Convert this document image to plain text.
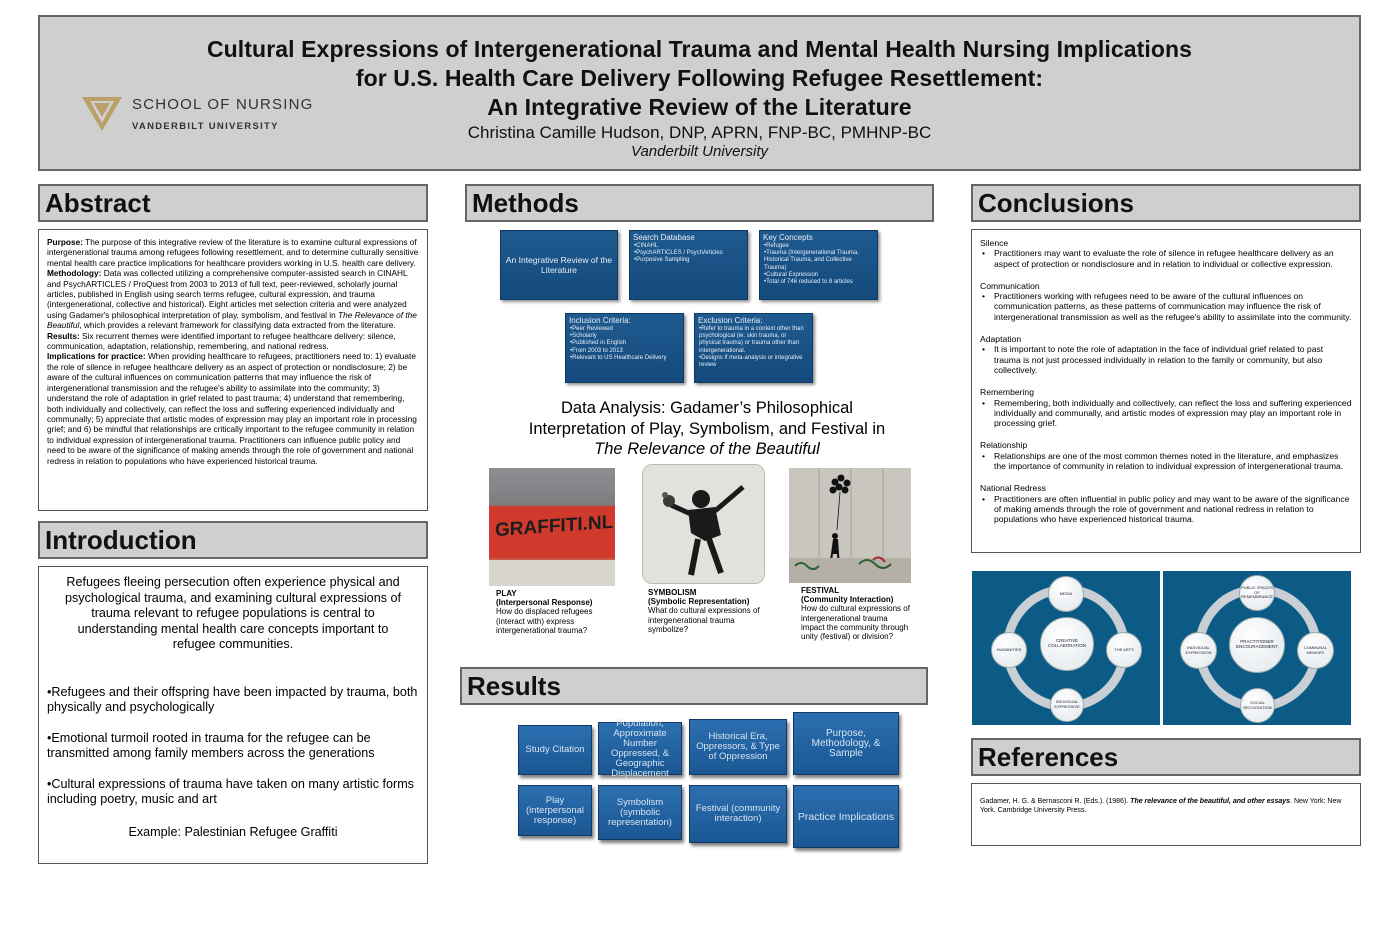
SCHOOL OF NURSING
VANDERBILT UNIVERSITY
Cultural Expressions of Intergenerational Trauma and Mental Health Nursing Implications
for U.S. Health Care Delivery Following Refugee Resettlement:
An Integrative Review of the Literature
Christina Camille Hudson, DNP, APRN, FNP-BC, PMHNP-BC
Vanderbilt University
Abstract
Purpose: The purpose of this integrative review of the literature is to examine cultural expressions of intergenerational trauma among refugees following resettlement, and to determine culturally sensitive mental health care practice implications for healthcare providers working in U.S. health care delivery.
Methodology: Data was collected utilizing a comprehensive computer-assisted search in CINAHL and PsychARTICLES / ProQuest from 2003 to 2013 of full text, peer-reviewed, scholarly journal articles, published in English using search terms refugee, cultural expression, and trauma (intergenerational, collective and historical). Eight articles met selection criteria and were analyzed using Gadamer's philosophical interpretation of play, symbolism, and festival in The Relevance of the Beautiful, which provides a relevant framework for classifying data extracted from the literature.
Results: Six recurrent themes were identified important to refugee healthcare delivery: silence, communication, adaptation, relationship, remembering, and national redress.
Implications for practice: When providing healthcare to refugees, practitioners need to: 1) evaluate the role of silence in refugee healthcare delivery as an aspect of protection or nondisclosure; 2) be aware of the cultural influences on communication patterns that may influence the risk of intergenerational transmission and the refugee's ability to assimilate into the community; 3) understand the role of adaptation in grief related to past trauma; 4) understand that remembering, both individually and collectively, can reflect the loss and suffering experienced individually and communally; 5) appreciate that artistic modes of expression may play an important role in processing grief; and 6) be mindful that relationships are critically important to the refugee community in relation to individual expression of intergenerational trauma. Practitioners can influence public policy and need to be aware of the significance of making amends through the role of government and national redress in relation to populations who have experienced historical trauma.
Introduction
Refugees fleeing persecution often experience physical and psychological trauma, and examining cultural expressions of trauma relevant to refugee populations is central to understanding mental health care concepts important to refugee communities.
•Refugees and their offspring have been impacted by trauma, both physically and psychologically
•Emotional turmoil rooted in trauma for the refugee can be transmitted among family members across the generations
•Cultural expressions of trauma have taken on many artistic forms including poetry, music and art
Example: Palestinian Refugee Graffiti
Methods
An Integrative Review of the Literature
Search Database
• CINAHL
• PsychARTICLES / PsychArticles
• Purposive Sampling
Key Concepts
• Refugee
• Trauma (Intergenerational Trauma, Historical Trauma, and Collective Trauma)
• Cultural Expression
• Total of 746 reduced to 8 articles
Inclusion Criteria:
• Peer Reviewed
• Scholarly
• Published in English
• From 2003 to 2013
• Relevant to US Healthcare Delivery
Exclusion Criteria:
• Refer to trauma in a context other than psychological (ie. skin trauma, or physical trauma) or trauma other than intergenerational.
• Designs if meta-analysis or integrative review
Data Analysis: Gadamer’s Philosophical
Interpretation of Play, Symbolism, and Festival in
The Relevance of the Beautiful
GRAFFITI.NL
PLAY
(Interpersonal Response)
How do displaced refugees (interact with) express intergenerational trauma?
SYMBOLISM
(Symbolic Representation)
What do cultural expressions of intergenerational trauma symbolize?
FESTIVAL
(Community Interaction)
How do cultural expressions of intergenerational trauma impact the community through unity (festival) or division?
Results
Study Citation
Population, Approximate Number Oppressed, & Geographic Displacement
Historical Era, Oppressors, & Type of Oppression
Purpose, Methodology, & Sample
Play (interpersonal response)
Symbolism (symbolic representation)
Festival (community interaction)	Practice Implications
Conclusions
Silence
• Practitioners may want to evaluate the role of silence in refugee healthcare delivery as an aspect of protection or nondisclosure and in relation to individual or collective expression.
Communication
• Practitioners working with refugees need to be aware of the cultural influences on communication patterns, as these patterns of communication may influence the risk of intergenerational transmission as well as the refugee's ability to assimilate into the community.
Adaptation
• It is important to note the role of adaptation in the face of individual grief related to past trauma is not just processed individually in relation to the family or community, but also collectively.
Remembering
• Remembering, both individually and collectively, can reflect the loss and suffering experienced individually and communally, and artistic modes of expression may play an important role in processing grief.
Relationship
• Relationships are one of the most common themes noted in the literature, and emphasizes the importance of community in relation to individual expression of intergenerational trauma.
National Redress
• Practitioners are often influential in public policy and may want to be aware of the significance of making amends through the role of government and national redress in relation to populations who have experienced historical trauma.
CREATIVE COLLABORATION
MEDIA
HUMANITIES	THE ARTS
INDIVIDUAL EXPRESSIVE
PRACTITIONER ENCOURAGEMENT
PUBLIC SPACES OF REMEMBRANCE
INDIVIDUAL EXPRESSION
COMMUNAL MEMORY
SOCIAL RECOGNITION
References
Gadamer, H. G. & Bernasconi R. (Eds.). (1986). The relevance of the beautiful, and other essays. New York: New York. Cambridge University Press.
